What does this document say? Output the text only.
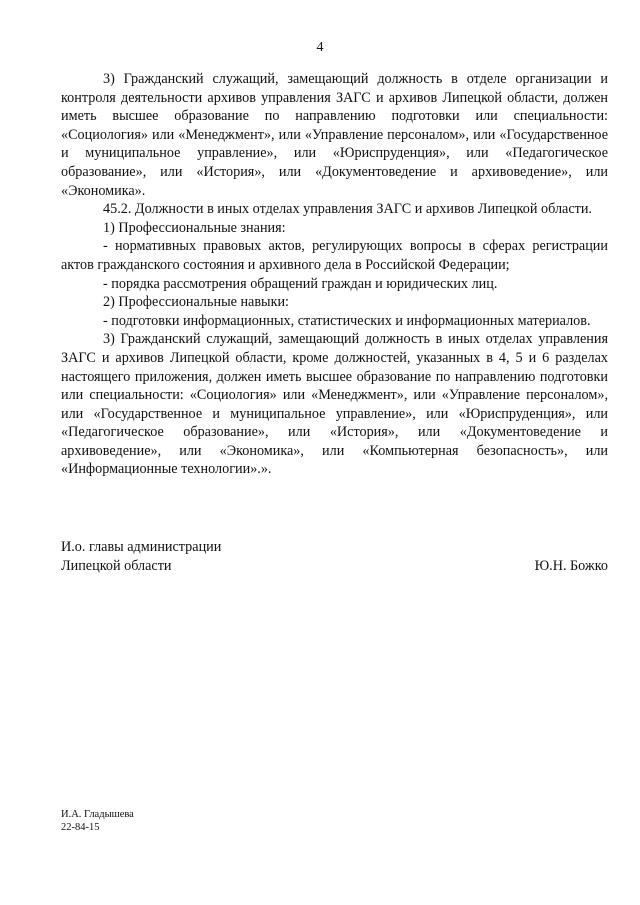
4

3) Гражданский служащий, замещающий должность в отделе организации и контроля деятельности архивов управления ЗАГС и архивов Липецкой области, должен иметь высшее образование по направлению подготовки или специальности: «Социология» или «Менеджмент», или «Управление персоналом», или «Государственное и муниципальное управление», или «Юриспруденция», или «Педагогическое образование», или «История», или «Документоведение и архивоведение», или «Экономика».

45.2. Должности в иных отделах управления ЗАГС и архивов Липецкой области.

1) Профессиональные знания:

- нормативных правовых актов, регулирующих вопросы в сферах регистрации актов гражданского состояния и архивного дела в Российской Федерации;

- порядка рассмотрения обращений граждан и юридических лиц.

2) Профессиональные навыки:

- подготовки информационных, статистических и информационных материалов.

3) Гражданский служащий, замещающий должность в иных отделах управления ЗАГС и архивов Липецкой области, кроме должностей, указанных в 4, 5 и 6 разделах настоящего приложения, должен иметь высшее образование по направлению подготовки или специальности: «Социология» или «Менеджмент», или «Управление персоналом», или «Государственное и муниципальное управление», или «Юриспруденция», или «Педагогическое образование», или «История», или «Документоведение и архивоведение», или «Экономика», или «Компьютерная безопасность», или «Информационные технологии».».

И.о. главы администрации
Липецкой области	Ю.Н. Божко
И.А. Гладышева
22-84-15
